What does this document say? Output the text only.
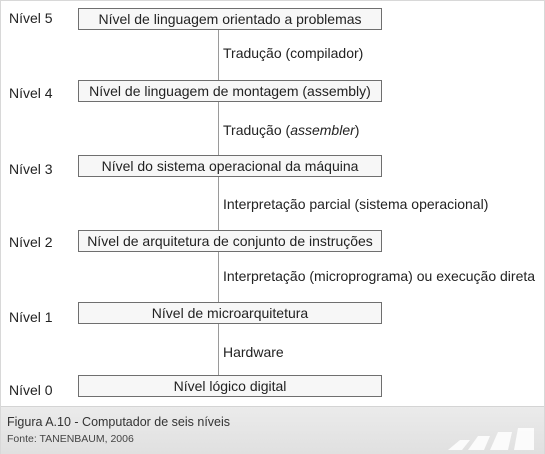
Nível 5	Nível de linguagem orientado a problemas
Tradução (compilador)
Nível 4	Nível de linguagem de montagem (assembly)
Tradução (assembler)
Nível 3	Nível do sistema operacional da máquina
Interpretação parcial (sistema operacional)
Nível 2	Nível de arquitetura de conjunto de instruções
Interpretação (microprograma) ou execução direta
Nível 1	Nível de microarquitetura
Hardware
Nível 0	Nível lógico digital
Figura A.10 - Computador de seis níveis
Fonte: TANENBAUM, 2006
